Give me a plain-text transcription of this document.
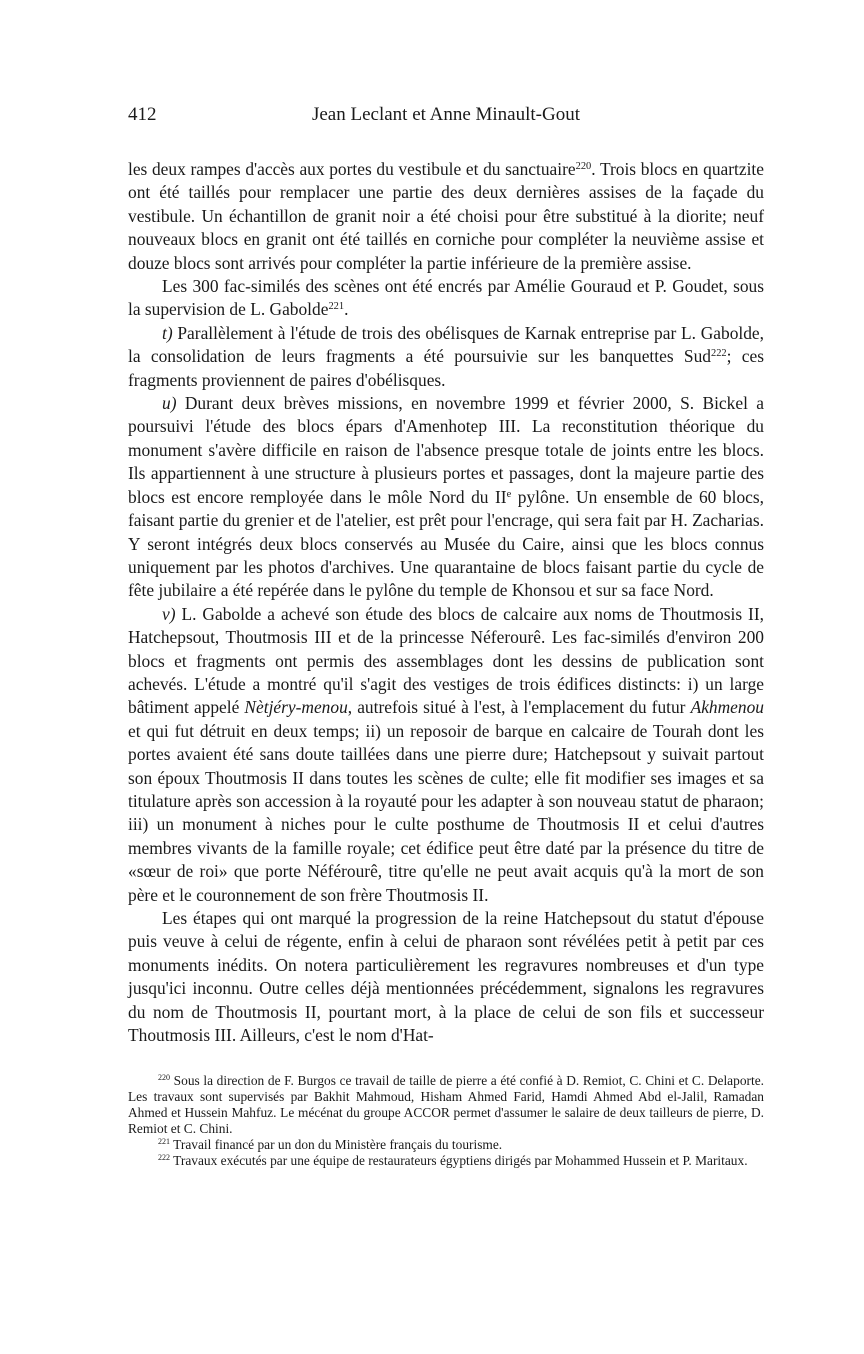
412	Jean Leclant et Anne Minault-Gout

les deux rampes d'accès aux portes du vestibule et du sanctuaire$^{220}$. Trois blocs en quartzite ont été taillés pour remplacer une partie des deux dernières assises de la façade du vestibule. Un échantillon de granit noir a été choisi pour être substitué à la diorite; neuf nouveaux blocs en granit ont été taillés en corniche pour compléter la neuvième assise et douze blocs sont arrivés pour compléter la partie inférieure de la première assise.

Les 300 fac-similés des scènes ont été encrés par Amélie Gouraud et P. Goudet, sous la supervision de L. Gabolde$^{221}$.

t) Parallèlement à l'étude de trois des obélisques de Karnak entreprise par L. Gabolde, la consolidation de leurs fragments a été poursuivie sur les banquettes Sud$^{222}$; ces fragments proviennent de paires d'obélisques.

u) Durant deux brèves missions, en novembre 1999 et février 2000, S. Bickel a poursuivi l'étude des blocs épars d'Amenhotep III. La reconstitution théorique du monument s'avère difficile en raison de l'absence presque totale de joints entre les blocs. Ils appartiennent à une structure à plusieurs portes et passages, dont la majeure partie des blocs est encore remployée dans le môle Nord du IIe pylône. Un ensemble de 60 blocs, faisant partie du grenier et de l'atelier, est prêt pour l'encrage, qui sera fait par H. Zacharias. Y seront intégrés deux blocs conservés au Musée du Caire, ainsi que les blocs connus uniquement par les photos d'archives. Une quarantaine de blocs faisant partie du cycle de fête jubilaire a été repérée dans le pylône du temple de Khonsou et sur sa face Nord.

v) L. Gabolde a achevé son étude des blocs de calcaire aux noms de Thoutmosis II, Hatchepsout, Thoutmosis III et de la princesse Néferourê. Les fac-similés d'environ 200 blocs et fragments ont permis des assemblages dont les dessins de publication sont achevés. L'étude a montré qu'il s'agit des vestiges de trois édifices distincts: i) un large bâtiment appelé Nètjéry-menou, autrefois situé à l'est, à l'emplacement du futur Akhmenou et qui fut détruit en deux temps; ii) un reposoir de barque en calcaire de Tourah dont les portes avaient été sans doute taillées dans une pierre dure; Hatchepsout y suivait partout son époux Thoutmosis II dans toutes les scènes de culte; elle fit modifier ses images et sa titulature après son accession à la royauté pour les adapter à son nouveau statut de pharaon; iii) un monument à niches pour le culte posthume de Thoutmosis II et celui d'autres membres vivants de la famille royale; cet édifice peut être daté par la présence du titre de «sœur de roi» que porte Néférourê, titre qu'elle ne peut avait acquis qu'à la mort de son père et le couronnement de son frère Thoutmosis II.

Les étapes qui ont marqué la progression de la reine Hatchepsout du statut d'épouse puis veuve à celui de régente, enfin à celui de pharaon sont révélées petit à petit par ces monuments inédits. On notera particulièrement les regravures nombreuses et d'un type jusqu'ici inconnu. Outre celles déjà mentionnées précédemment, signalons les regravures du nom de Thoutmosis II, pourtant mort, à la place de celui de son fils et successeur Thoutmosis III. Ailleurs, c'est le nom d'Hat-

$^{220}$ Sous la direction de F. Burgos ce travail de taille de pierre a été confié à D. Remiot, C. Chini et C. Delaporte. Les travaux sont supervisés par Bakhit Mahmoud, Hisham Ahmed Farid, Hamdi Ahmed Abd el-Jalil, Ramadan Ahmed et Hussein Mahfuz. Le mécénat du groupe ACCOR permet d'assumer le salaire de deux tailleurs de pierre, D. Remiot et C. Chini.

$^{221}$ Travail financé par un don du Ministère français du tourisme.

$^{222}$ Travaux exécutés par une équipe de restaurateurs égyptiens dirigés par Mohammed Hussein et P. Maritaux.
